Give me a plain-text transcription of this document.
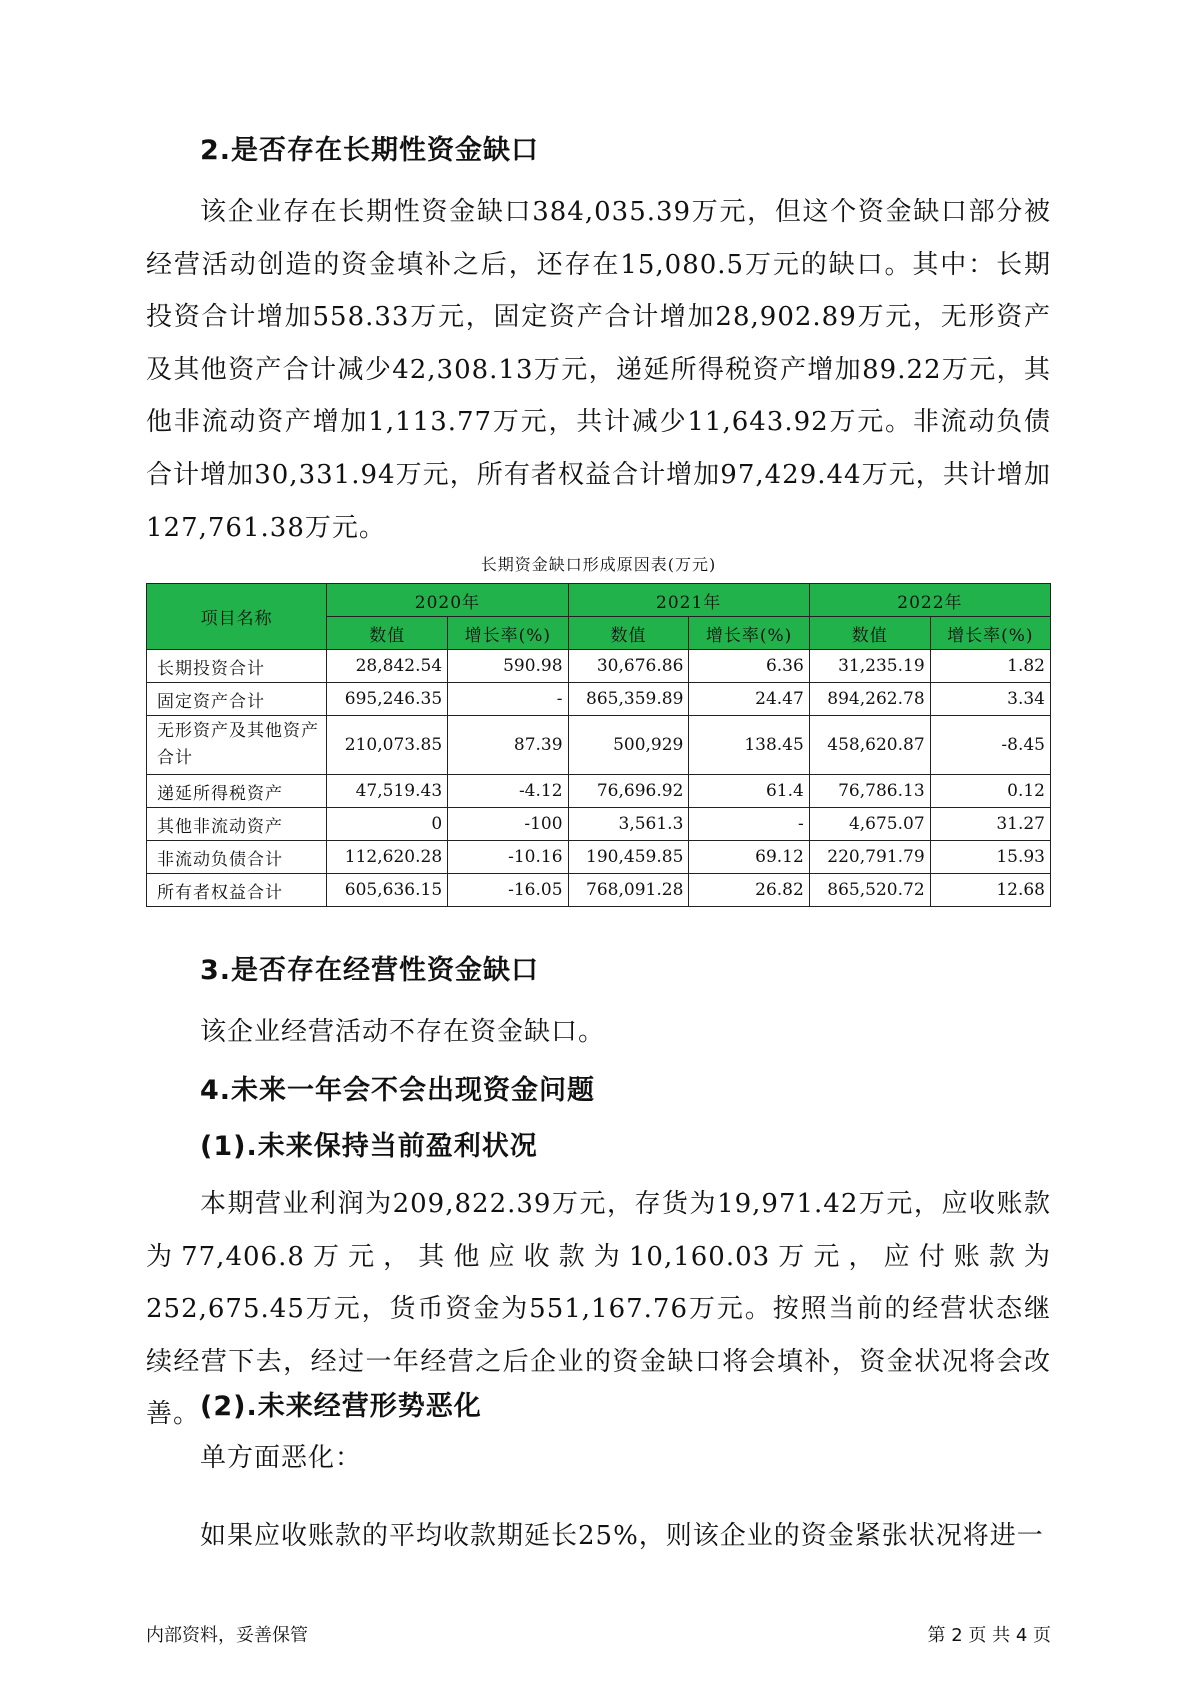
2.是否存在长期性资金缺口

该企业存在长期性资金缺口384,035.39万元，但这个资金缺口部分被经营活动创造的资金填补之后，还存在15,080.5万元的缺口。其中：长期投资合计增加558.33万元，固定资产合计增加28,902.89万元，无形资产及其他资产合计减少42,308.13万元，递延所得税资产增加89.22万元，其他非流动资产增加1,113.77万元，共计减少11,643.92万元。非流动负债合计增加30,331.94万元，所有者权益合计增加97,429.44万元，共计增加127,761.38万元。

长期资金缺口形成原因表(万元)

项目名称	2020年		2021年		2022年	
	数值	增长率(%)	数值	增长率(%)	数值	增长率(%)
长期投资合计	28,842.54	590.98	30,676.86	6.36	31,235.19	1.82
固定资产合计	695,246.35	-	865,359.89	24.47	894,262.78	3.34
无形资产及其他资产合计	210,073.85	87.39	500,929	138.45	458,620.87	-8.45
递延所得税资产	47,519.43	-4.12	76,696.92	61.4	76,786.13	0.12
其他非流动资产	0	-100	3,561.3	-	4,675.07	31.27
非流动负债合计	112,620.28	-10.16	190,459.85	69.12	220,791.79	15.93
所有者权益合计	605,636.15	-16.05	768,091.28	26.82	865,520.72	12.68
3.是否存在经营性资金缺口

该企业经营活动不存在资金缺口。

4.未来一年会不会出现资金问题
(1).未来保持当前盈利状况

本期营业利润为209,822.39万元，存货为19,971.42万元，应收账款为77,406.8万元，其他应收款为10,160.03万元，应付账款为252,675.45万元，货币资金为551,167.76万元。按照当前的经营状态继续经营下去，经过一年经营之后企业的资金缺口将会填补，资金状况将会改善。 (2).未来经营形势恶化

单方面恶化：

如果应收账款的平均收款期延长25%，则该企业的资金紧张状况将进一

内部资料，妥善保管	第 2 页 共 4 页
